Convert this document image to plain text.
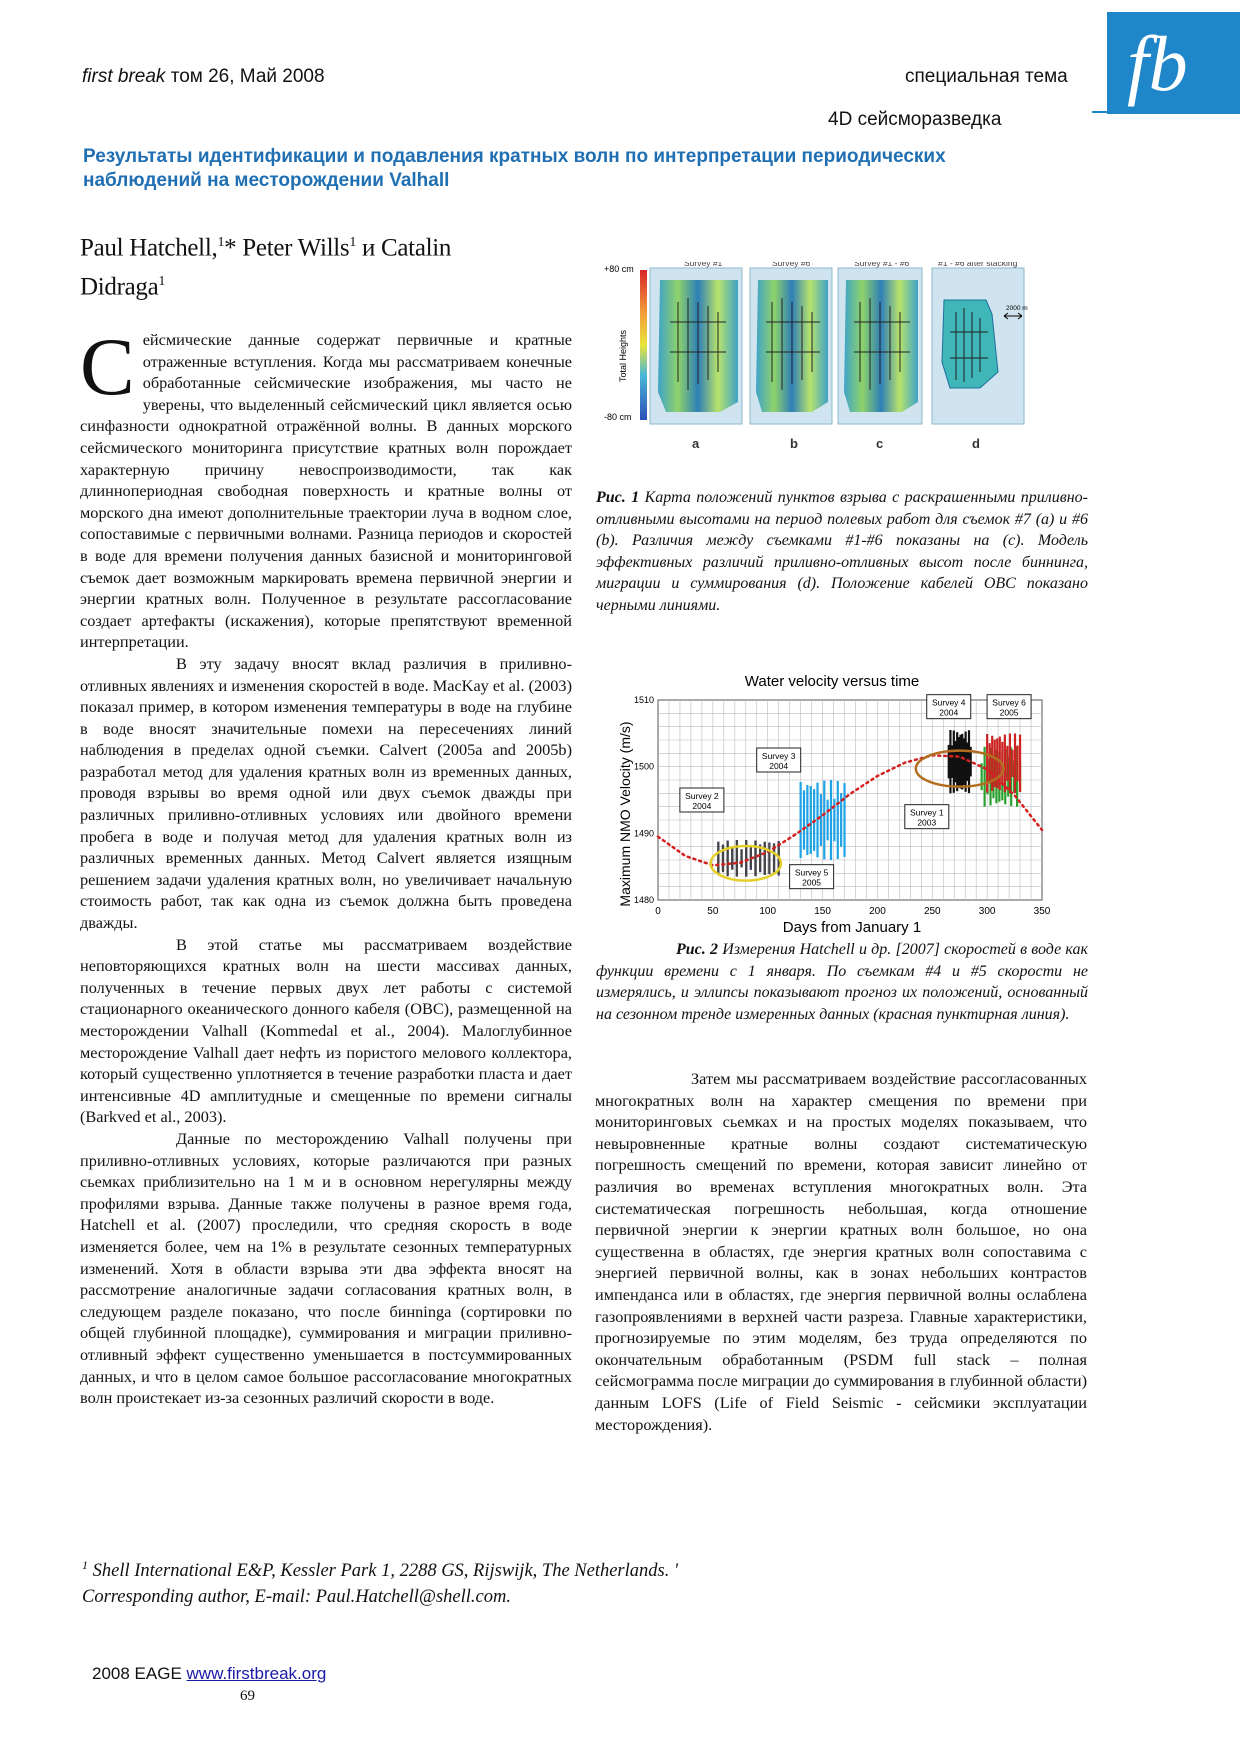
first break том 26, Май 2008	специальная тема
4D сейсморазведка
fb
Результаты идентификации и подавления кратных волн по интерпретации периодических наблюдений на месторождении Valhall
Paul Hatchell,$^1$* Peter Wills$^1$ и Catalin
Didraga$^1$

Сейсмические данные содержат первичные и кратные отраженные вступления. Когда мы рассматриваем конечные обработанные сейсмические изображения, мы часто не уверены, что выделенный сейсмический цикл является осью синфазности однократной отражённой волны. В данных морского сейсмического мониторинга присутствие кратных волн порождает характерную причину невоспроизводимости, так как длиннопериодная свободная поверхность и кратные волны от морского дна имеют дополнительные траектории луча в водном слое, сопоставимые с первичными волнами. Разница периодов и скоростей в воде для времени получения данных базисной и мониторинговой съемок дает возможным маркировать времена первичной энергии и энергии кратных волн. Полученное в результате рассогласование создает артефакты (искажения), которые препятствуют временной интерпретации.

В эту задачу вносят вклад различия в приливно-отливных явлениях и изменения скоростей в воде. MacKay et al. (2003) показал пример, в котором изменения температуры в воде на глубине в воде вносят значительные помехи на пересечениях линий наблюдения в пределах одной съемки. Calvert (2005a and 2005b) разработал метод для удаления кратных волн из временных данных, проводя взрывы во время одной или двух съемок дважды при различных приливно-отливных условиях или двойного времени пробега в воде и получая метод для удаления кратных волн из различных временных данных. Метод Calvert является изящным решением задачи удаления кратных волн, но увеличивает начальную стоимость работ, так как одна из съемок должна быть проведена дважды.

В этой статье мы рассматриваем воздействие неповторяющихся кратных волн на шести массивах данных, полученных в течение первых двух лет работы с системой стационарного океанического донного кабеля (OBC), размещенной на месторождении Valhall (Kommedal et al., 2004). Малоглубинное месторождение Valhall дает нефть из пористого мелового коллектора, который существенно уплотняется в течение разработки пласта и дает интенсивные 4D амплитудные и смещенные по времени сигналы (Barkved et al., 2003).

Данные по месторождению Valhall получены при приливно-отливных условиях, которые различаются при разных сьемках приблизительно на 1 м и в основном нерегулярны между профилями взрыва. Данные также получены в разное время года, Hatchell et al. (2007) проследили, что средняя скорость в воде изменяется более, чем на 1% в результате сезонных температурных изменений. Хотя в области взрыва эти два эффекта вносят на рассмотрение аналогичные задачи согласования кратных волн, в следующем разделе показано, что после бинninga (сортировки по общей глубинной площадке), суммирования и миграции приливно-отливный эффект существенно уменьшается в постсуммированных данных, и что в целом самое большое рассогласование многократных волн проистекает из-за сезонных различий скорости в воде.

+80 cm
-80 cm
Total Heights
Survey #1	Survey #6	Survey #1 - #6	#1 - #6 after stacking
2000 m
a	b	c	d

Рис. 1 Карта положений пунктов взрыва с раскрашенными приливно-отливными высотами на период полевых работ для съемок #7 (a) и #6 (b). Различия между съемками #1-#6 показаны на (c). Модель эффективных различий приливно-отливных высот после биннинга, миграции и суммирования (d). Положение кабелей OBC показано черными линиями.

Water velocity versus time
Maximum NMO Velocity (m/s)
Days from January 1
0	50	100	150	200	250	300	350
1510
1500
1490
1480
Survey 1
2003
Survey 2
2004
Survey 3
2004
Survey 4
2004
Survey 5
2005
Survey 6
2005

Рис. 2 Измерения Hatchell и др. [2007] скоростей в воде как функции времени с 1 января. По съемкам #4 и #5 скорости не измерялись, и эллипсы показывают прогноз их положений, основанный на сезонном тренде измеренных данных (красная пунктирная линия).

Затем мы рассматриваем воздействие рассогласованных многократных волн на характер смещения по времени при мониторинговых сьемках и на простых моделях показываем, что невыровненные кратные волны создают систематическую погрешность смещений по времени, которая зависит линейно от различия во временах вступления многократных волн. Эта систематическая погрешность небольшая, когда отношение первичной энергии к энергии кратных волн большое, но она существенна в областях, где энергия кратных волн сопоставима с энергией первичной волны, как в зонах небольших контрастов импенданса или в областях, где энергия первичной волны ослаблена газопроявлениями в верхней части разреза. Главные характеристики, прогнозируемые по этим моделям, без труда определяются по окончательным обработанным (PSDM full stack – полная сейсмограмма после миграции до суммирования в глубинной области) данным LOFS (Life of Field Seismic - сейсмики эксплуатации месторождения).

$^1$ Shell International E&P, Kessler Park 1, 2288 GS, Rijswijk, The Netherlands. '
Corresponding author, E-mail: Paul.Hatchell@shell.com.
2008 EAGE www.firstbreak.org
69
